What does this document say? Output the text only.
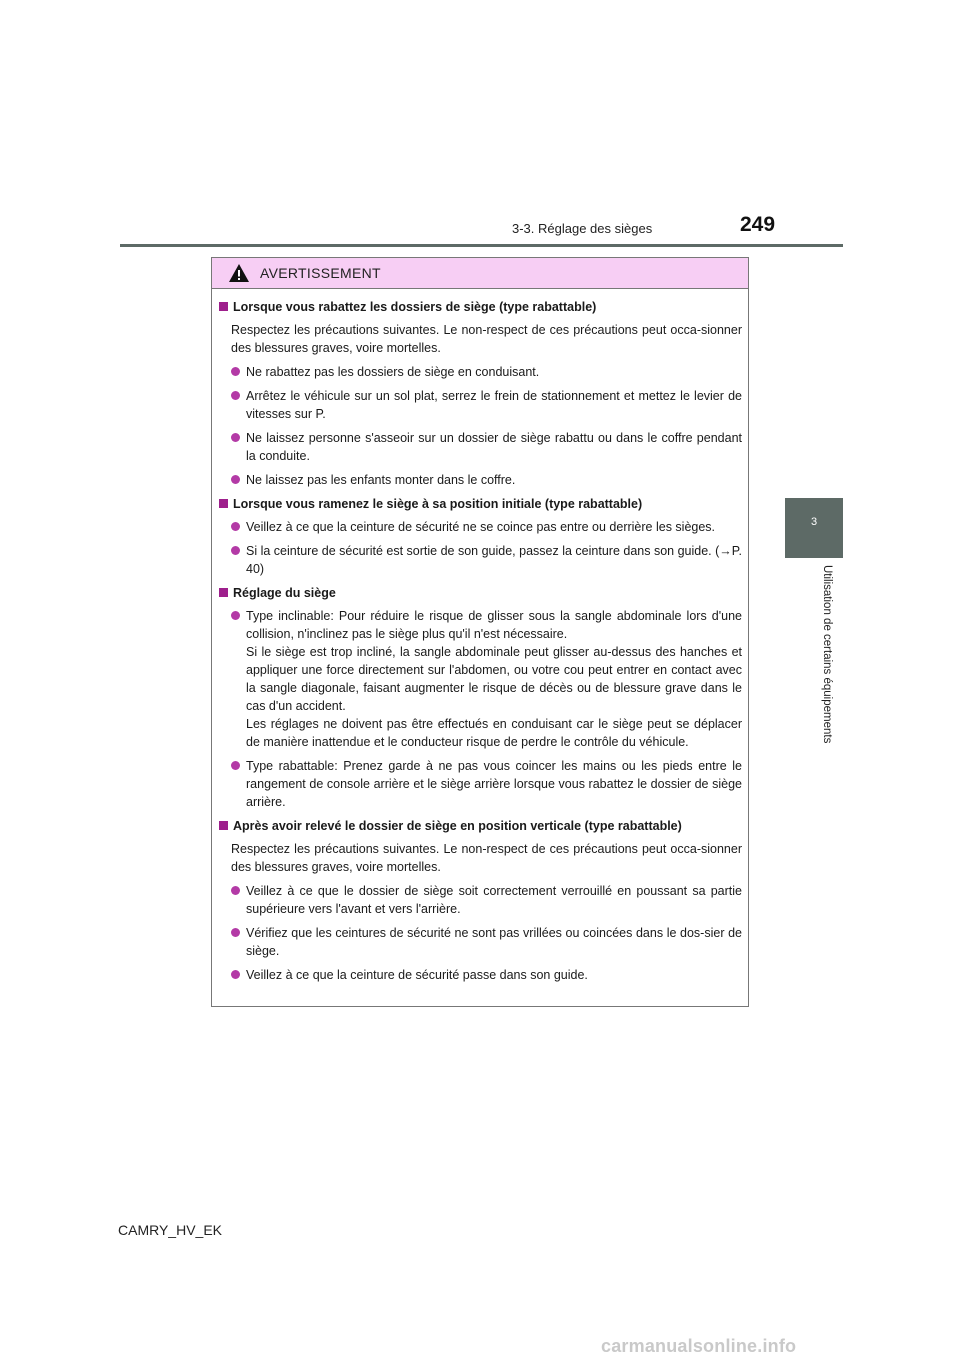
3-3. Réglage des sièges	249
3
Utilisation de certains équipements
AVERTISSEMENT
Lorsque vous rabattez les dossiers de siège (type rabattable)
Respectez les précautions suivantes. Le non-respect de ces précautions peut occa-sionner des blessures graves, voire mortelles.
Ne rabattez pas les dossiers de siège en conduisant.
Arrêtez le véhicule sur un sol plat, serrez le frein de stationnement et mettez le levier de vitesses sur P.
Ne laissez personne s'asseoir sur un dossier de siège rabattu ou dans le coffre pendant la conduite.
Ne laissez pas les enfants monter dans le coffre.
Lorsque vous ramenez le siège à sa position initiale (type rabattable)
Veillez à ce que la ceinture de sécurité ne se coince pas entre ou derrière les sièges.
Si la ceinture de sécurité est sortie de son guide, passez la ceinture dans son guide. (→P. 40)
Réglage du siège
Type inclinable: Pour réduire le risque de glisser sous la sangle abdominale lors d'une collision, n'inclinez pas le siège plus qu'il n'est nécessaire.
Si le siège est trop incliné, la sangle abdominale peut glisser au-dessus des hanches et appliquer une force directement sur l'abdomen, ou votre cou peut entrer en contact avec la sangle diagonale, faisant augmenter le risque de décès ou de blessure grave dans le cas d'un accident.
Les réglages ne doivent pas être effectués en conduisant car le siège peut se déplacer de manière inattendue et le conducteur risque de perdre le contrôle du véhicule.
Type rabattable: Prenez garde à ne pas vous coincer les mains ou les pieds entre le rangement de console arrière et le siège arrière lorsque vous rabattez le dossier de siège arrière.
Après avoir relevé le dossier de siège en position verticale (type rabattable)
Respectez les précautions suivantes. Le non-respect de ces précautions peut occa-sionner des blessures graves, voire mortelles.
Veillez à ce que le dossier de siège soit correctement verrouillé en poussant sa partie supérieure vers l'avant et vers l'arrière.
Vérifiez que les ceintures de sécurité ne sont pas vrillées ou coincées dans le dos-sier de siège.
Veillez à ce que la ceinture de sécurité passe dans son guide.
CAMRY_HV_EK
carmanualsonline.info
